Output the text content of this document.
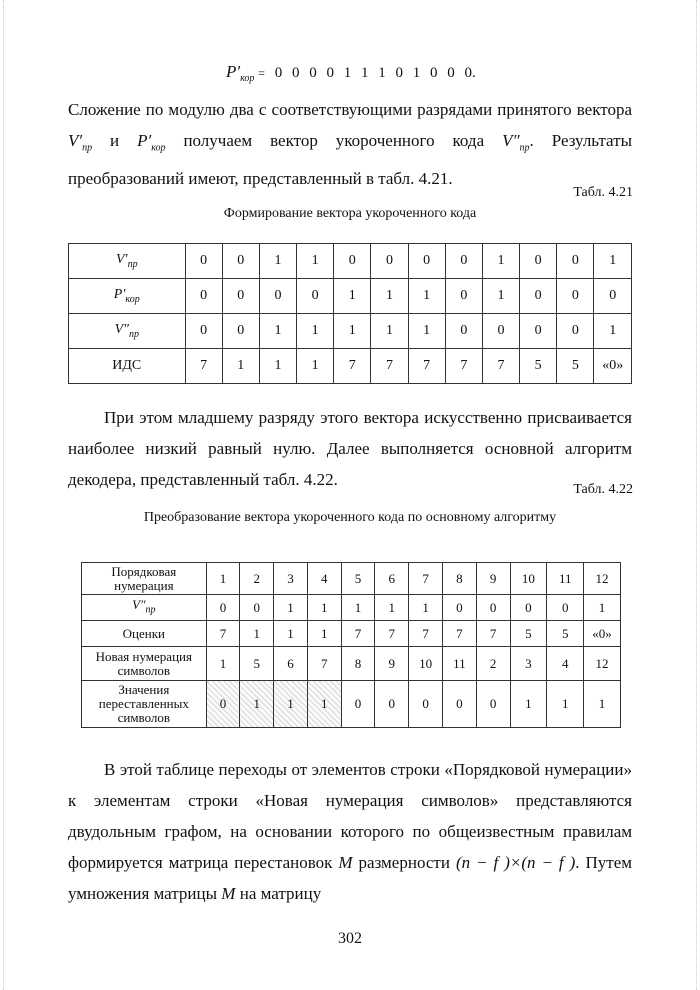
$P'_{кор} = 0$ 0 0 0 1 1 1 0 1 0 0 0.

Сложение по модулю два с соответствующими разрядами принятого вектора $V'_{пр}$ и $P'_{кор}$ получаем вектор укороченного кода $V''_{пр}$. Результаты преобразований имеют, представленный в табл. 4.21.

Табл. 4.21
Формирование вектора укороченного кода
$V'_{пр}$	0	0	1	1	0	0	0	0	1	0	0	1
$P'_{кор}$	0	0	0	0	1	1	1	0	1	0	0	0
$V''_{пр}$	0	0	1	1	1	1	1	0	0	0	0	1
ИДС	7	1	1	1	7	7	7	7	7	5	5	«0»

При этом младшему разряду этого вектора искусственно присваивается наиболее низкий равный нулю. Далее выполняется основной алгоритм декодера, представленный табл. 4.22.

Табл. 4.22
Преобразование вектора укороченного кода по основному алгоритму
Порядковая нумерация	1	2	3	4	5	6	7	8	9	10	11	12
$V''_{пр}$	0	0	1	1	1	1	1	0	0	0	0	1
Оценки	7	1	1	1	7	7	7	7	7	5	5	«0»
Новая нумерация символов	1	5	6	7	8	9	10	11	2	3	4	12
Значения переставленных символов	0	1	1	1	0	0	0	0	0	1	1	1

В этой таблице переходы от элементов строки «Порядковой нумерации» к элементам строки «Новая нумерация символов» представляются двудольным графом, на основании которого по общеизвестным правилам формируется матрица перестановок M размерности (n − f )×(n − f ). Путем умножения матрицы M на матрицу

302
